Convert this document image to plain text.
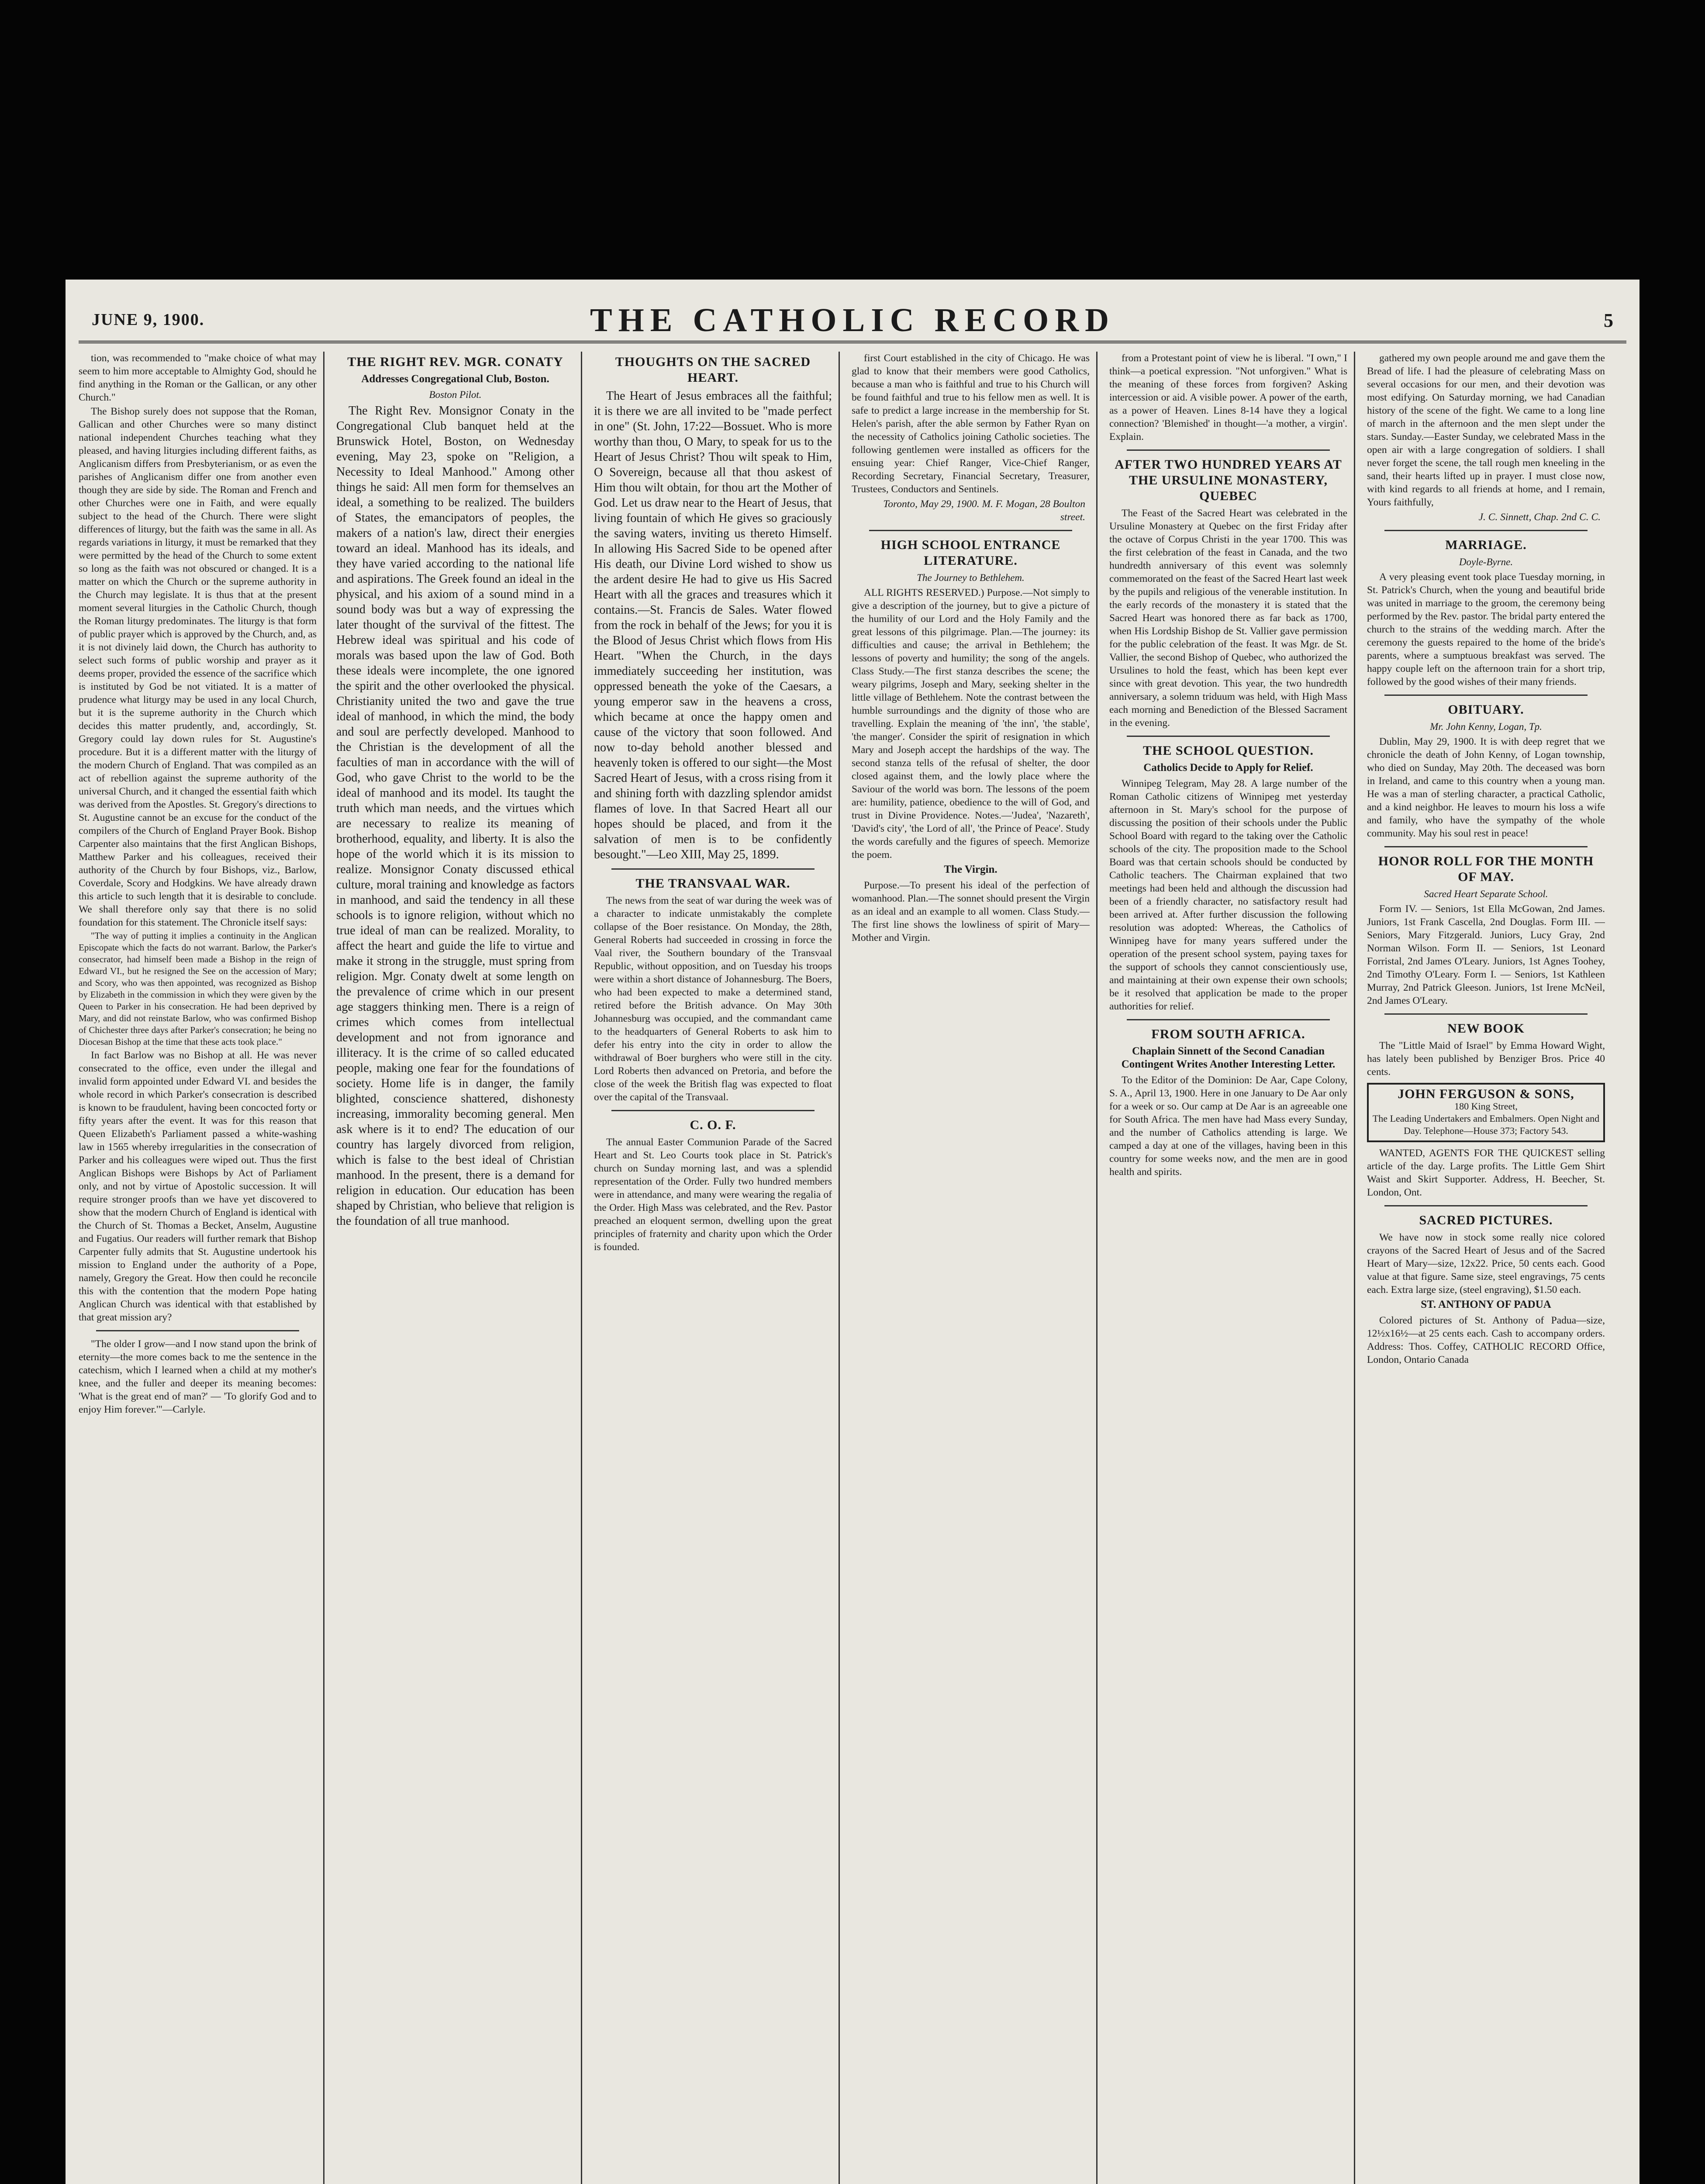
JUNE 9, 1900.	THE CATHOLIC RECORD	5

tion, was recommended to "make choice of what may seem to him more acceptable to Almighty God, should he find anything in the Roman or the Gallican, or any other Church."

The Bishop surely does not suppose that the Roman, Gallican and other Churches were so many distinct national independent Churches teaching what they pleased, and having liturgies including different faiths, as Anglicanism differs from Presbyterianism, or as even the parishes of Anglicanism differ one from another even though they are side by side. The Roman and French and other Churches were one in Faith, and were equally subject to the head of the Church. There were slight differences of liturgy, but the faith was the same in all. As regards variations in liturgy, it must be remarked that they were permitted by the head of the Church to some extent so long as the faith was not obscured or changed. It is a matter on which the Church or the supreme authority in the Church may legislate. It is thus that at the present moment several liturgies in the Catholic Church, though the Roman liturgy predominates. The liturgy is that form of public prayer which is approved by the Church, and, as it is not divinely laid down, the Church has authority to select such forms of public worship and prayer as it deems proper, provided the essence of the sacrifice which is instituted by God be not vitiated. It is a matter of prudence what liturgy may be used in any local Church, but it is the supreme authority in the Church which decides this matter prudently, and, accordingly, St. Gregory could lay down rules for St. Augustine's procedure. But it is a different matter with the liturgy of the modern Church of England. That was compiled as an act of rebellion against the supreme authority of the universal Church, and it changed the essential faith which was derived from the Apostles. St. Gregory's directions to St. Augustine cannot be an excuse for the conduct of the compilers of the Church of England Prayer Book. Bishop Carpenter also maintains that the first Anglican Bishops, Matthew Parker and his colleagues, received their authority of the Church by four Bishops, viz., Barlow, Coverdale, Scory and Hodgkins. We have already drawn this article to such length that it is desirable to conclude. We shall therefore only say that there is no solid foundation for this statement. The Chronicle itself says:

"The way of putting it implies a continuity in the Anglican Episcopate which the facts do not warrant. Barlow, the Parker's consecrator, had himself been made a Bishop in the reign of Edward VI., but he resigned the See on the accession of Mary; and Scory, who was then appointed, was recognized as Bishop by Elizabeth in the commission in which they were given by the Queen to Parker in his consecration. He had been deprived by Mary, and did not reinstate Barlow, who was confirmed Bishop of Chichester three days after Parker's consecration; he being no Diocesan Bishop at the time that these acts took place."

In fact Barlow was no Bishop at all. He was never consecrated to the office, even under the illegal and invalid form appointed under Edward VI. and besides the whole record in which Parker's consecration is described is known to be fraudulent, having been concocted forty or fifty years after the event. It was for this reason that Queen Elizabeth's Parliament passed a white-washing law in 1565 whereby irregularities in the consecration of Parker and his colleagues were wiped out. Thus the first Anglican Bishops were Bishops by Act of Parliament only, and not by virtue of Apostolic succession. It will require stronger proofs than we have yet discovered to show that the modern Church of England is identical with the Church of St. Thomas a Becket, Anselm, Augustine and Fugatius. Our readers will further remark that Bishop Carpenter fully admits that St. Augustine undertook his mission to England under the authority of a Pope, namely, Gregory the Great. How then could he reconcile this with the contention that the modern Pope hating Anglican Church was identical with that established by that great mission ary?

"The older I grow—and I now stand upon the brink of eternity—the more comes back to me the sentence in the catechism, which I learned when a child at my mother's knee, and the fuller and deeper its meaning becomes: 'What is the great end of man?' — 'To glorify God and to enjoy Him forever.'"—Carlyle.

THE RIGHT REV. MGR. CONATY
Addresses Congregational Club, Boston.
Boston Pilot.

The Right Rev. Monsignor Conaty in the Congregational Club banquet held at the Brunswick Hotel, Boston, on Wednesday evening, May 23, spoke on "Religion, a Necessity to Ideal Manhood." Among other things he said: All men form for themselves an ideal, a something to be realized. The builders of States, the emancipators of peoples, the makers of a nation's law, direct their energies toward an ideal. Manhood has its ideals, and they have varied according to the national life and aspirations. The Greek found an ideal in the physical, and his axiom of a sound mind in a sound body was but a way of expressing the later thought of the survival of the fittest. The Hebrew ideal was spiritual and his code of morals was based upon the law of God. Both these ideals were incomplete, the one ignored the spirit and the other overlooked the physical. Christianity united the two and gave the true ideal of manhood, in which the mind, the body and soul are perfectly developed. Manhood to the Christian is the development of all the faculties of man in accordance with the will of God, who gave Christ to the world to be the ideal of manhood and its model. Its taught the truth which man needs, and the virtues which are necessary to realize its meaning of brotherhood, equality, and liberty. It is also the hope of the world which it is its mission to realize. Monsignor Conaty discussed ethical culture, moral training and knowledge as factors in manhood, and said the tendency in all these schools is to ignore religion, without which no true ideal of man can be realized. Morality, to affect the heart and guide the life to virtue and make it strong in the struggle, must spring from religion. Mgr. Conaty dwelt at some length on the prevalence of crime which in our present age staggers thinking men. There is a reign of crimes which comes from intellectual development and not from ignorance and illiteracy. It is the crime of so called educated people, making one fear for the foundations of society. Home life is in danger, the family blighted, conscience shattered, dishonesty increasing, immorality becoming general. Men ask where is it to end? The education of our country has largely divorced from religion, which is false to the best ideal of Christian manhood. In the present, there is a demand for religion in education. Our education has been shaped by Christian, who believe that religion is the foundation of all true manhood.

THOUGHTS ON THE SACRED HEART.

The Heart of Jesus embraces all the faithful; it is there we are all invited to be "made perfect in one" (St. John, 17:22—Bossuet. Who is more worthy than thou, O Mary, to speak for us to the Heart of Jesus Christ? Thou wilt speak to Him, O Sovereign, because all that thou askest of Him thou wilt obtain, for thou art the Mother of God. Let us draw near to the Heart of Jesus, that living fountain of which He gives so graciously the saving waters, inviting us thereto Himself. In allowing His Sacred Side to be opened after His death, our Divine Lord wished to show us the ardent desire He had to give us His Sacred Heart with all the graces and treasures which it contains.—St. Francis de Sales. Water flowed from the rock in behalf of the Jews; for you it is the Blood of Jesus Christ which flows from His Heart. "When the Church, in the days immediately succeeding her institution, was oppressed beneath the yoke of the Caesars, a young emperor saw in the heavens a cross, which became at once the happy omen and cause of the victory that soon followed. And now to-day behold another blessed and heavenly token is offered to our sight—the Most Sacred Heart of Jesus, with a cross rising from it and shining forth with dazzling splendor amidst flames of love. In that Sacred Heart all our hopes should be placed, and from it the salvation of men is to be confidently besought."—Leo XIII, May 25, 1899.

THE TRANSVAAL WAR.

The news from the seat of war during the week was of a character to indicate unmistakably the complete collapse of the Boer resistance. On Monday, the 28th, General Roberts had succeeded in crossing in force the Vaal river, the Southern boundary of the Transvaal Republic, without opposition, and on Tuesday his troops were within a short distance of Johannesburg. The Boers, who had been expected to make a determined stand, retired before the British advance. On May 30th Johannesburg was occupied, and the commandant came to the headquarters of General Roberts to ask him to defer his entry into the city in order to allow the withdrawal of Boer burghers who were still in the city. Lord Roberts then advanced on Pretoria, and before the close of the week the British flag was expected to float over the capital of the Transvaal.

C. O. F.

The annual Easter Communion Parade of the Sacred Heart and St. Leo Courts took place in St. Patrick's church on Sunday morning last, and was a splendid representation of the Order. Fully two hundred members were in attendance, and many were wearing the regalia of the Order. High Mass was celebrated, and the Rev. Pastor preached an eloquent sermon, dwelling upon the great principles of fraternity and charity upon which the Order is founded.

first Court established in the city of Chicago. He was glad to know that their members were good Catholics, because a man who is faithful and true to his Church will be found faithful and true to his fellow men as well. It is safe to predict a large increase in the membership for St. Helen's parish, after the able sermon by Father Ryan on the necessity of Catholics joining Catholic societies. The following gentlemen were installed as officers for the ensuing year: Chief Ranger, Vice-Chief Ranger, Recording Secretary, Financial Secretary, Treasurer, Trustees, Conductors and Sentinels.

Toronto, May 29, 1900. M. F. Mogan, 28 Boulton street.

HIGH SCHOOL ENTRANCE LITERATURE.
The Journey to Bethlehem.

ALL RIGHTS RESERVED.) Purpose.—Not simply to give a description of the journey, but to give a picture of the humility of our Lord and the Holy Family and the great lessons of this pilgrimage. Plan.—The journey: its difficulties and cause; the arrival in Bethlehem; the lessons of poverty and humility; the song of the angels. Class Study.—The first stanza describes the scene; the weary pilgrims, Joseph and Mary, seeking shelter in the little village of Bethlehem. Note the contrast between the humble surroundings and the dignity of those who are travelling. Explain the meaning of 'the inn', 'the stable', 'the manger'. Consider the spirit of resignation in which Mary and Joseph accept the hardships of the way. The second stanza tells of the refusal of shelter, the door closed against them, and the lowly place where the Saviour of the world was born. The lessons of the poem are: humility, patience, obedience to the will of God, and trust in Divine Providence. Notes.—'Judea', 'Nazareth', 'David's city', 'the Lord of all', 'the Prince of Peace'. Study the words carefully and the figures of speech. Memorize the poem.

The Virgin.

Purpose.—To present his ideal of the perfection of womanhood. Plan.—The sonnet should present the Virgin as an ideal and an example to all women. Class Study.—The first line shows the lowliness of spirit of Mary—Mother and Virgin.

from a Protestant point of view he is liberal. "I own," I think—a poetical expression. "Not unforgiven." What is the meaning of these forces from forgiven? Asking intercession or aid. A visible power. A power of the earth, as a power of Heaven. Lines 8-14 have they a logical connection? 'Blemished' in thought—'a mother, a virgin'. Explain.

AFTER TWO HUNDRED YEARS AT THE URSULINE MONASTERY, QUEBEC

The Feast of the Sacred Heart was celebrated in the Ursuline Monastery at Quebec on the first Friday after the octave of Corpus Christi in the year 1700. This was the first celebration of the feast in Canada, and the two hundredth anniversary of this event was solemnly commemorated on the feast of the Sacred Heart last week by the pupils and religious of the venerable institution. In the early records of the monastery it is stated that the Sacred Heart was honored there as far back as 1700, when His Lordship Bishop de St. Vallier gave permission for the public celebration of the feast. It was Mgr. de St. Vallier, the second Bishop of Quebec, who authorized the Ursulines to hold the feast, which has been kept ever since with great devotion. This year, the two hundredth anniversary, a solemn triduum was held, with High Mass each morning and Benediction of the Blessed Sacrament in the evening.

THE SCHOOL QUESTION.
Catholics Decide to Apply for Relief.

Winnipeg Telegram, May 28. A large number of the Roman Catholic citizens of Winnipeg met yesterday afternoon in St. Mary's school for the purpose of discussing the position of their schools under the Public School Board with regard to the taking over the Catholic schools of the city. The proposition made to the School Board was that certain schools should be conducted by Catholic teachers. The Chairman explained that two meetings had been held and although the discussion had been of a friendly character, no satisfactory result had been arrived at. After further discussion the following resolution was adopted: Whereas, the Catholics of Winnipeg have for many years suffered under the operation of the present school system, paying taxes for the support of schools they cannot conscientiously use, and maintaining at their own expense their own schools; be it resolved that application be made to the proper authorities for relief.

FROM SOUTH AFRICA.
Chaplain Sinnett of the Second Canadian Contingent Writes Another Interesting Letter.

To the Editor of the Dominion: De Aar, Cape Colony, S. A., April 13, 1900. Here in one January to De Aar only for a week or so. Our camp at De Aar is an agreeable one for South Africa. The men have had Mass every Sunday, and the number of Catholics attending is large. We camped a day at one of the villages, having been in this country for some weeks now, and the men are in good health and spirits.

gathered my own people around me and gave them the Bread of life. I had the pleasure of celebrating Mass on several occasions for our men, and their devotion was most edifying. On Saturday morning, we had Canadian history of the scene of the fight. We came to a long line of march in the afternoon and the men slept under the stars. Sunday.—Easter Sunday, we celebrated Mass in the open air with a large congregation of soldiers. I shall never forget the scene, the tall rough men kneeling in the sand, their hearts lifted up in prayer. I must close now, with kind regards to all friends at home, and I remain, Yours faithfully,

J. C. Sinnett, Chap. 2nd C. C.

MARRIAGE.
Doyle-Byrne.

A very pleasing event took place Tuesday morning, in St. Patrick's Church, when the young and beautiful bride was united in marriage to the groom, the ceremony being performed by the Rev. pastor. The bridal party entered the church to the strains of the wedding march. After the ceremony the guests repaired to the home of the bride's parents, where a sumptuous breakfast was served. The happy couple left on the afternoon train for a short trip, followed by the good wishes of their many friends.

OBITUARY.
Mr. John Kenny, Logan, Tp.

Dublin, May 29, 1900. It is with deep regret that we chronicle the death of John Kenny, of Logan township, who died on Sunday, May 20th. The deceased was born in Ireland, and came to this country when a young man. He was a man of sterling character, a practical Catholic, and a kind neighbor. He leaves to mourn his loss a wife and family, who have the sympathy of the whole community. May his soul rest in peace!

HONOR ROLL FOR THE MONTH OF MAY.
Sacred Heart Separate School.

Form IV. — Seniors, 1st Ella McGowan, 2nd James. Juniors, 1st Frank Cascella, 2nd Douglas. Form III. — Seniors, Mary Fitzgerald. Juniors, Lucy Gray, 2nd Norman Wilson. Form II. — Seniors, 1st Leonard Forristal, 2nd James O'Leary. Juniors, 1st Agnes Toohey, 2nd Timothy O'Leary. Form I. — Seniors, 1st Kathleen Murray, 2nd Patrick Gleeson. Juniors, 1st Irene McNeil, 2nd James O'Leary.

NEW BOOK

The "Little Maid of Israel" by Emma Howard Wight, has lately been published by Benziger Bros. Price 40 cents.

JOHN FERGUSON & SONS,
180 King Street,
The Leading Undertakers and Embalmers. Open Night and Day. Telephone—House 373; Factory 543.

WANTED, AGENTS FOR THE QUICKEST selling article of the day. Large profits. The Little Gem Shirt Waist and Skirt Supporter. Address, H. Beecher, St. London, Ont.

SACRED PICTURES.

We have now in stock some really nice colored crayons of the Sacred Heart of Jesus and of the Sacred Heart of Mary—size, 12x22. Price, 50 cents each. Good value at that figure. Same size, steel engravings, 75 cents each. Extra large size, (steel engraving), $1.50 each.

ST. ANTHONY OF PADUA

Colored pictures of St. Anthony of Padua—size, 12½x16½—at 25 cents each. Cash to accompany orders. Address: Thos. Coffey, CATHOLIC RECORD Office, London, Ontario Canada
